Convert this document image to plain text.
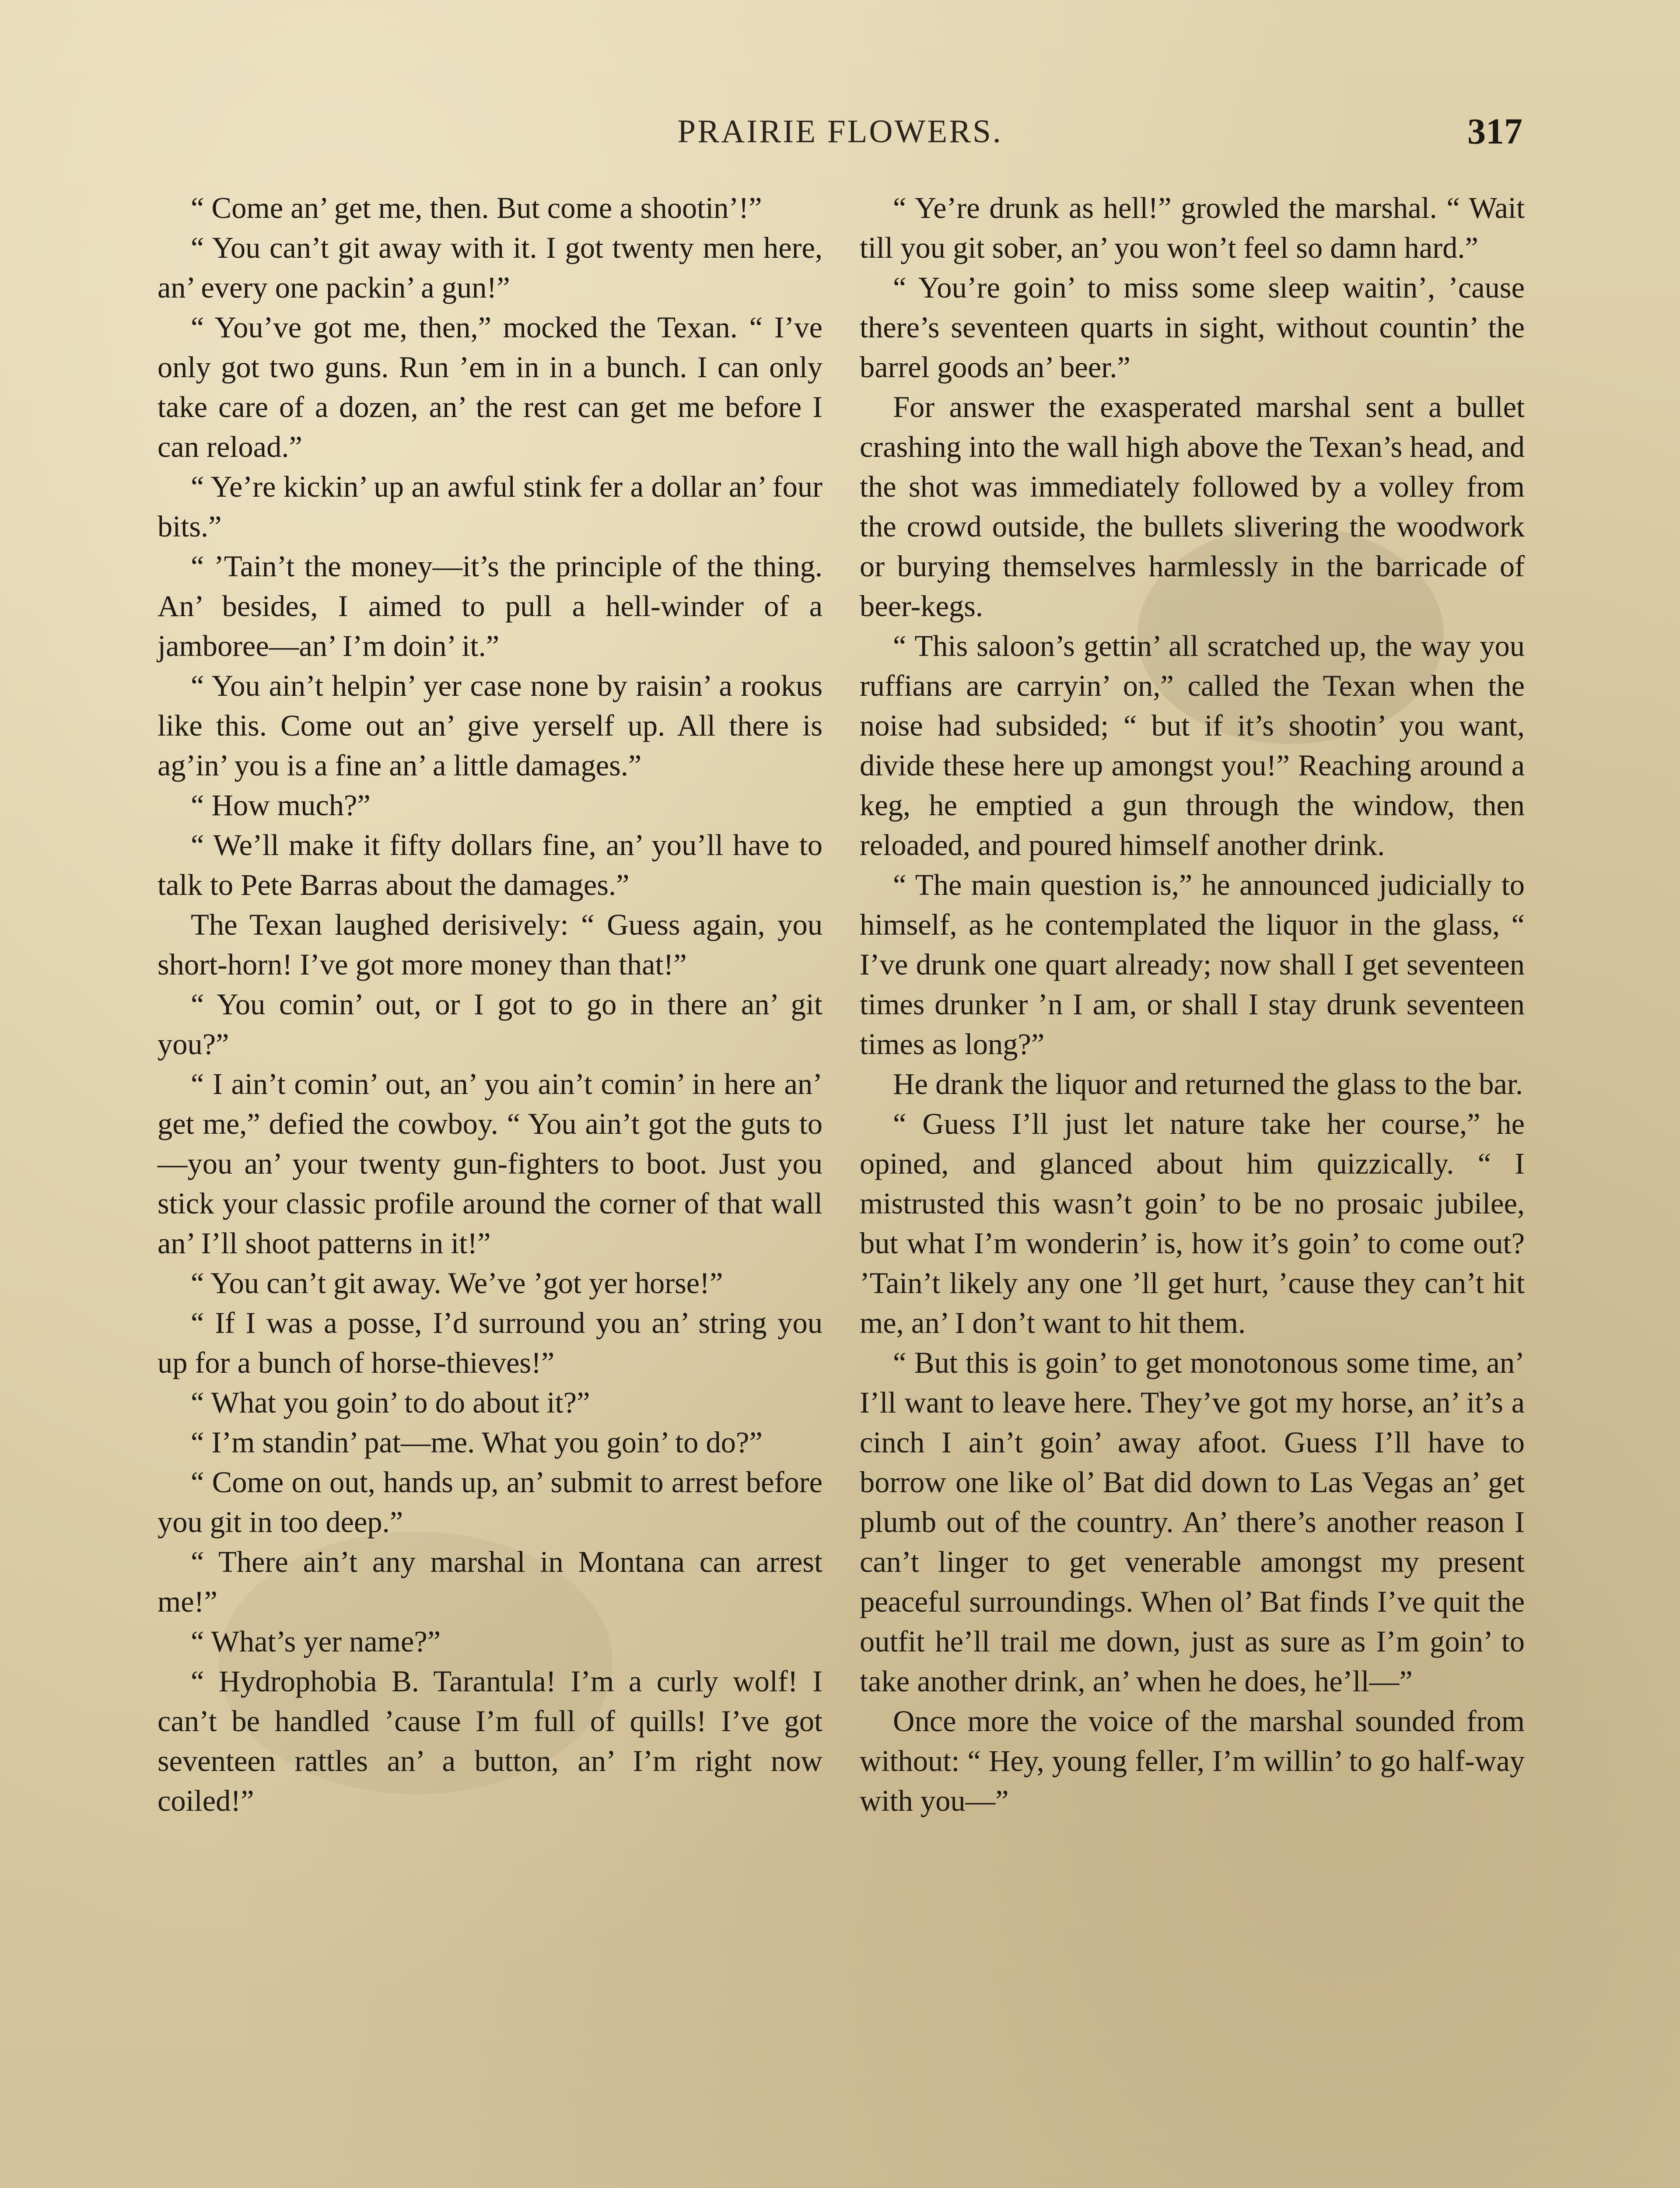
PRAIRIE FLOWERS.	317

“ Come an’ get me, then. But come a shootin’!”

“ You can’t git away with it. I got twenty men here, an’ every one packin’ a gun!”

“ You’ve got me, then,” mocked the Texan. “ I’ve only got two guns. Run ’em in in a bunch. I can only take care of a dozen, an’ the rest can get me before I can reload.”

“ Ye’re kickin’ up an awful stink fer a dollar an’ four bits.”

“ ’Tain’t the money—it’s the principle of the thing. An’ besides, I aimed to pull a hell-winder of a jamboree—an’ I’m doin’ it.”

“ You ain’t helpin’ yer case none by raisin’ a rookus like this. Come out an’ give yerself up. All there is ag’in’ you is a fine an’ a little damages.”

“ How much?”

“ We’ll make it fifty dollars fine, an’ you’ll have to talk to Pete Barras about the damages.”

The Texan laughed derisively: “ Guess again, you short-horn! I’ve got more money than that!”

“ You comin’ out, or I got to go in there an’ git you?”

“ I ain’t comin’ out, an’ you ain’t comin’ in here an’ get me,” defied the cowboy. “ You ain’t got the guts to—you an’ your twenty gun-fighters to boot. Just you stick your classic profile around the corner of that wall an’ I’ll shoot patterns in it!”

“ You can’t git away. We’ve ’got yer horse!”

“ If I was a posse, I’d surround you an’ string you up for a bunch of horse-thieves!”

“ What you goin’ to do about it?”

“ I’m standin’ pat—me. What you goin’ to do?”

“ Come on out, hands up, an’ submit to arrest before you git in too deep.”

“ There ain’t any marshal in Montana can arrest me!”

“ What’s yer name?”

“ Hydrophobia B. Tarantula! I’m a curly wolf! I can’t be handled ’cause I’m full of quills! I’ve got seventeen rattles an’ a button, an’ I’m right now coiled!”

“ Ye’re drunk as hell!” growled the marshal. “ Wait till you git sober, an’ you won’t feel so damn hard.”

“ You’re goin’ to miss some sleep waitin’, ’cause there’s seventeen quarts in sight, without countin’ the barrel goods an’ beer.”

For answer the exasperated marshal sent a bullet crashing into the wall high above the Texan’s head, and the shot was immediately followed by a volley from the crowd outside, the bullets slivering the woodwork or burying themselves harmlessly in the barricade of beer-kegs.

“ This saloon’s gettin’ all scratched up, the way you ruffians are carryin’ on,” called the Texan when the noise had subsided; “ but if it’s shootin’ you want, divide these here up amongst you!” Reaching around a keg, he emptied a gun through the window, then reloaded, and poured himself another drink.

“ The main question is,” he announced judicially to himself, as he contemplated the liquor in the glass, “ I’ve drunk one quart already; now shall I get seventeen times drunker ’n I am, or shall I stay drunk seventeen times as long?”

He drank the liquor and returned the glass to the bar.

“ Guess I’ll just let nature take her course,” he opined, and glanced about him quizzically. “ I mistrusted this wasn’t goin’ to be no prosaic jubilee, but what I’m wonderin’ is, how it’s goin’ to come out? ’Tain’t likely any one ’ll get hurt, ’cause they can’t hit me, an’ I don’t want to hit them.

“ But this is goin’ to get monotonous some time, an’ I’ll want to leave here. They’ve got my horse, an’ it’s a cinch I ain’t goin’ away afoot. Guess I’ll have to borrow one like ol’ Bat did down to Las Vegas an’ get plumb out of the country. An’ there’s another reason I can’t linger to get venerable amongst my present peaceful surroundings. When ol’ Bat finds I’ve quit the outfit he’ll trail me down, just as sure as I’m goin’ to take another drink, an’ when he does, he’ll—”

Once more the voice of the marshal sounded from without: “ Hey, young feller, I’m willin’ to go half-way with you—”
